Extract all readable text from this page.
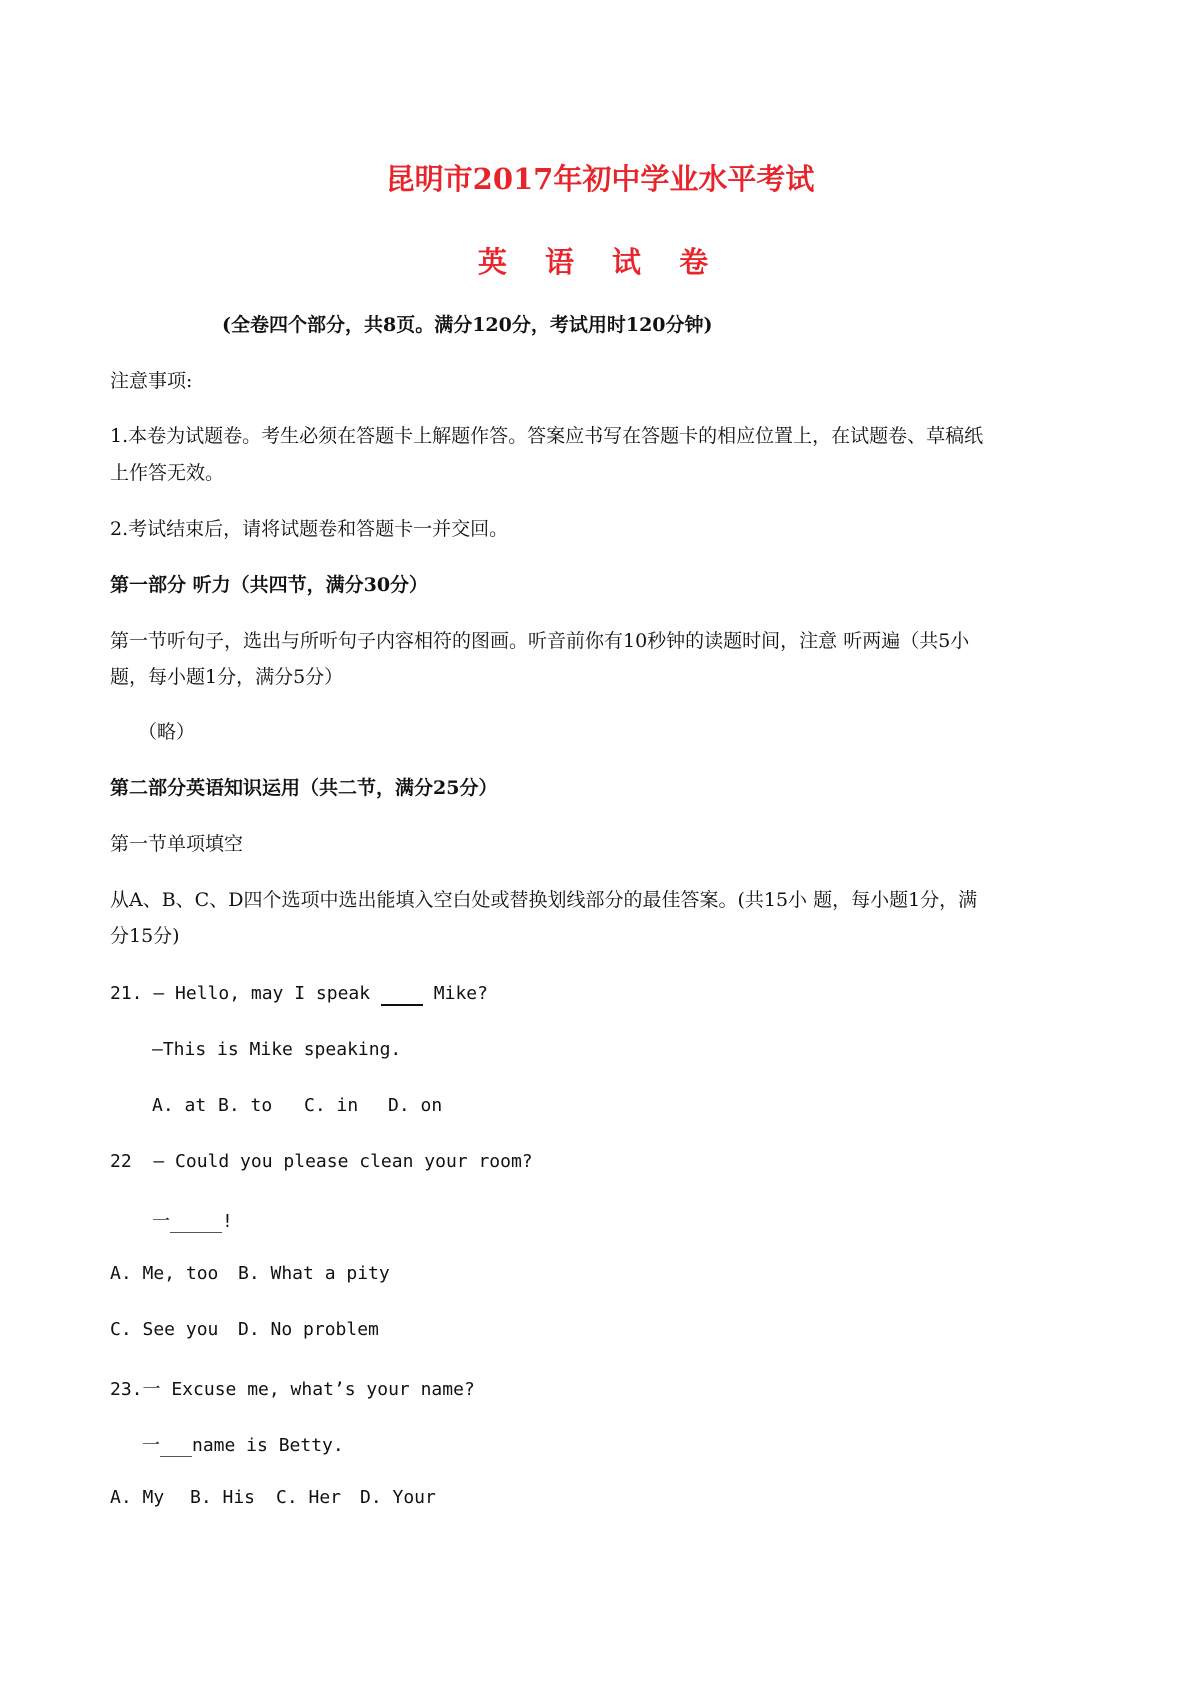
昆明市2017年初中学业水平考试
英 语 试 卷
(全卷四个部分，共8页。满分120分，考试用时120分钟)
注意事项:
1.本卷为试题卷。考生必须在答题卡上解题作答。答案应书写在答题卡的相应位置上，在试题卷、草稿纸
上作答无效。
2.考试结束后，请将试题卷和答题卡一并交回。
第一部分 听力（共四节，满分30分）
第一节听句子，选出与所听句子内容相符的图画。听音前你有10秒钟的读题时间，注意 听两遍（共5小
题，每小题1分，满分5分）
（略）
第二部分英语知识运用（共二节，满分25分）
第一节单项填空
从A、B、C、D四个选项中选出能填入空白处或替换划线部分的最佳答案。(共15小 题，每小题1分，满
分15分)
21. — Hello, may I speak   Mike?
—This is Mike speaking.
A. at B. to C. in D. on
22  — Could you please clean your room?
一	!
A. Me, too B. What a pity
C. See you D. No problem
23.一 Excuse me, what’s your name?
一 name is Betty.
A. My B. His C. Her D. Your
